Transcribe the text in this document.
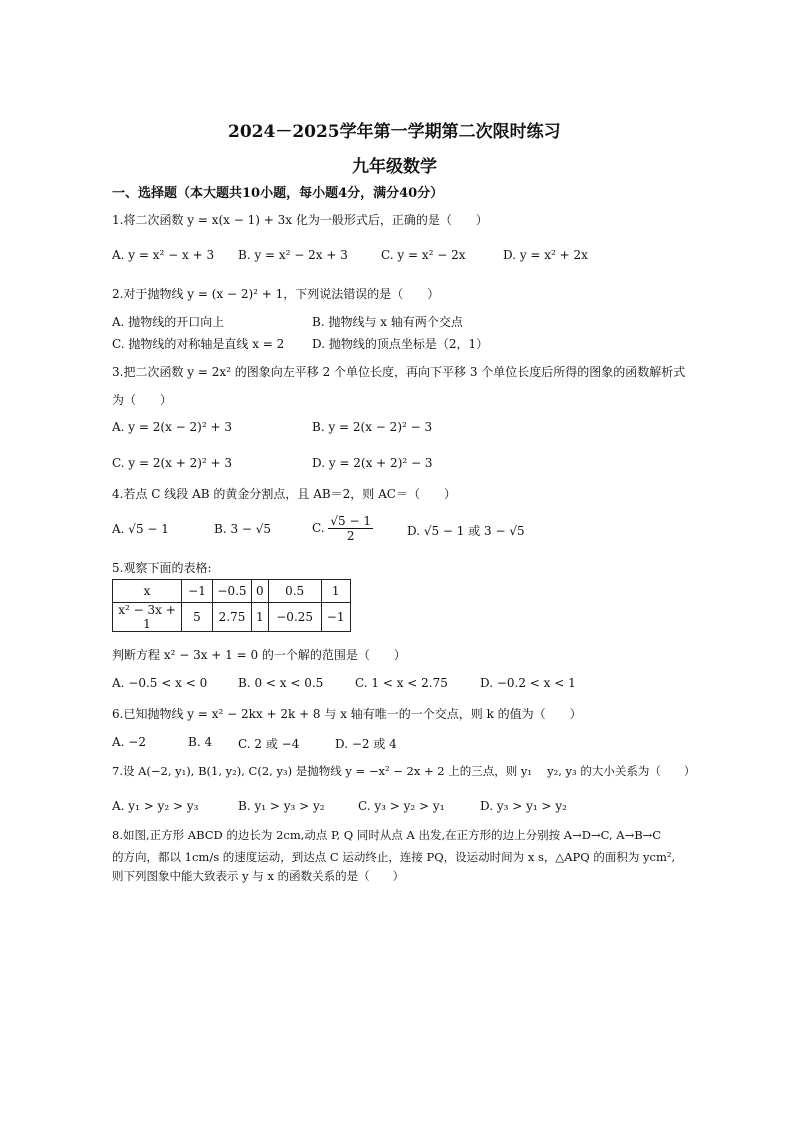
2024－2025学年第一学期第二次限时练习
九年级数学
一、选择题（本大题共10小题，每小题4分，满分40分）
1.将二次函数 y = x(x − 1) + 3x 化为一般形式后，正确的是（　　）
A. y = x² − x + 3 B. y = x² − 2x + 3	C. y = x² − 2x	D. y = x² + 2x
2.对于抛物线 y = (x − 2)² + 1，下列说法错误的是（　　）
A. 抛物线的开口向上	B. 抛物线与 x 轴有两个交点
C. 抛物线的对称轴是直线 x = 2 D. 抛物线的顶点坐标是（2，1）
3.把二次函数 y = 2x² 的图象向左平移 2 个单位长度，再向下平移 3 个单位长度后所得的图象的函数解析式
为（　　）
A. y = 2(x − 2)² + 3	B. y = 2(x − 2)² − 3
C. y = 2(x + 2)² + 3	D. y = 2(x + 2)² − 3
4.若点 C 线段 AB 的黄金分割点，且 AB＝2，则 AC＝（　　）
A. √5 − 1	B. 3 − √5	C. $\frac{√5 - 1}{2}$	D. √5 − 1 或 3 − √5
5.观察下面的表格:
x	−1	−0.5	0	0.5	1
x² − 3x + 1	5	2.75	1	−0.25	−1
判断方程 x² − 3x + 1 = 0 的一个解的范围是（　　）
A. −0.5 < x < 0	B. 0 < x < 0.5	C. 1 < x < 2.75	D. −0.2 < x < 1
6.已知抛物线 y = x² − 2kx + 2k + 8 与 x 轴有唯一的一个交点，则 k 的值为（　　）
A. −2	B. 4 C. 2 或 −4	D. −2 或 4
7.设 A(−2, y₁), B(1, y₂), C(2, y₃) 是抛物线 y = −x² − 2x + 2 上的三点，则 y₁　 y₂, y₃ 的大小关系为（　　）
A. y₁ > y₂ > y₃	B. y₁ > y₃ > y₂	C. y₃ > y₂ > y₁	D. y₃ > y₁ > y₂
8.如图,正方形 ABCD 的边长为 2cm,动点 P, Q 同时从点 A 出发,在正方形的边上分别按 A→D→C, A→B→C
的方向，都以 1cm/s 的速度运动，到达点 C 运动终止，连接 PQ，设运动时间为 x s，△APQ 的面积为 ycm²,
则下列图象中能大致表示 y 与 x 的函数关系的是（　　）
